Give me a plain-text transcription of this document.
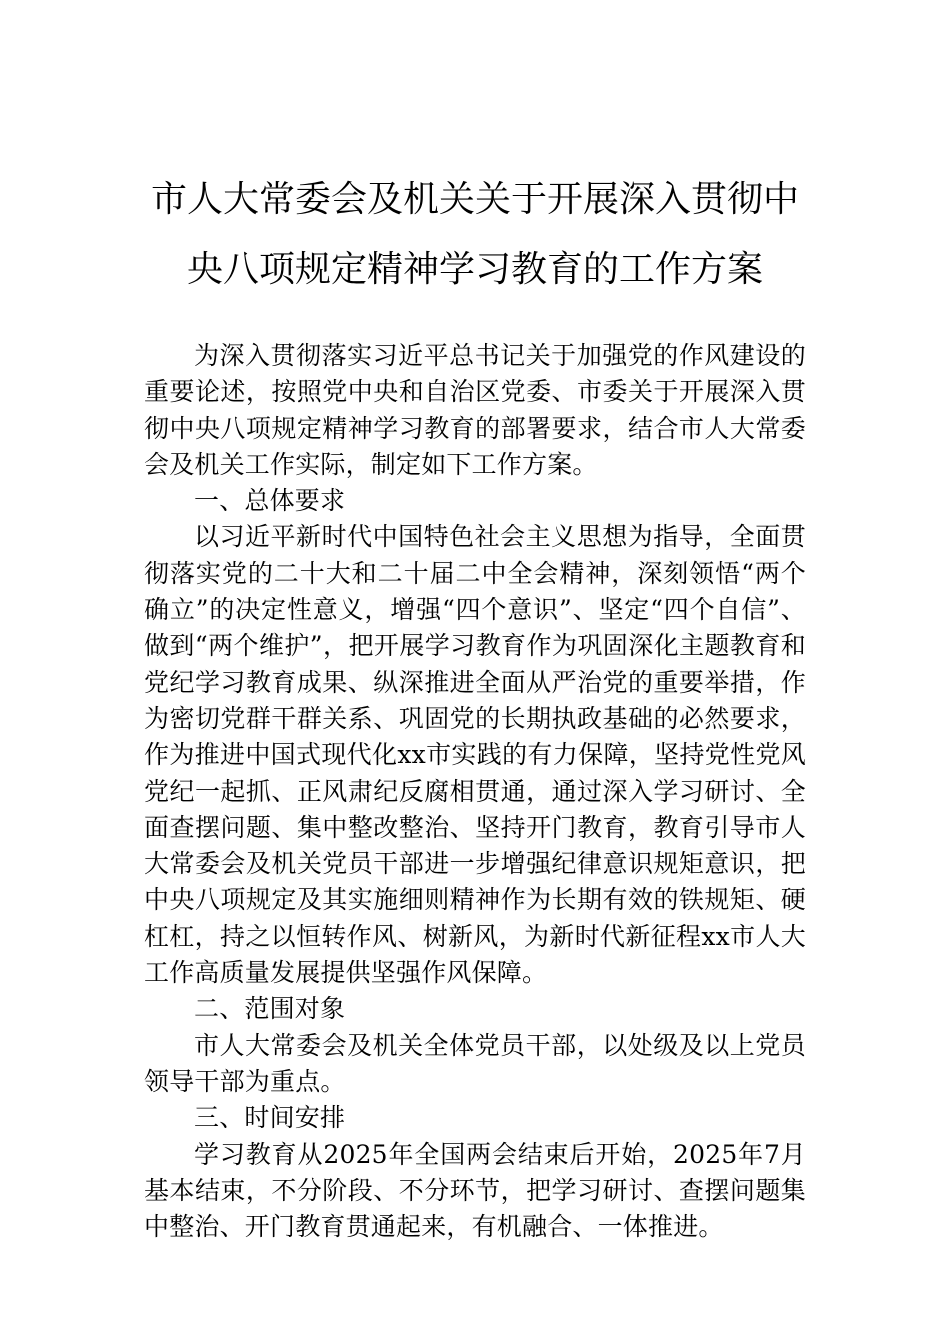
市人大常委会及机关关于开展深入贯彻中
央八项规定精神学习教育的工作方案

为深入贯彻落实习近平总书记关于加强党的作风建设的重要论述，按照党中央和自治区党委、市委关于开展深入贯彻中央八项规定精神学习教育的部署要求，结合市人大常委会及机关工作实际，制定如下工作方案。

一、总体要求

以习近平新时代中国特色社会主义思想为指导，全面贯彻落实党的二十大和二十届二中全会精神，深刻领悟“两个确立”的决定性意义，增强“四个意识”、坚定“四个自信”、做到“两个维护”，把开展学习教育作为巩固深化主题教育和党纪学习教育成果、纵深推进全面从严治党的重要举措，作为密切党群干群关系、巩固党的长期执政基础的必然要求，作为推进中国式现代化xx市实践的有力保障，坚持党性党风党纪一起抓、正风肃纪反腐相贯通，通过深入学习研讨、全面查摆问题、集中整改整治、坚持开门教育，教育引导市人大常委会及机关党员干部进一步增强纪律意识规矩意识，把中央八项规定及其实施细则精神作为长期有效的铁规矩、硬杠杠，持之以恒转作风、树新风，为新时代新征程xx市人大工作高质量发展提供坚强作风保障。

二、范围对象

市人大常委会及机关全体党员干部，以处级及以上党员领导干部为重点。

三、时间安排

学习教育从2025年全国两会结束后开始，2025年7月基本结束，不分阶段、不分环节，把学习研讨、查摆问题集中整治、开门教育贯通起来，有机融合、一体推进。
